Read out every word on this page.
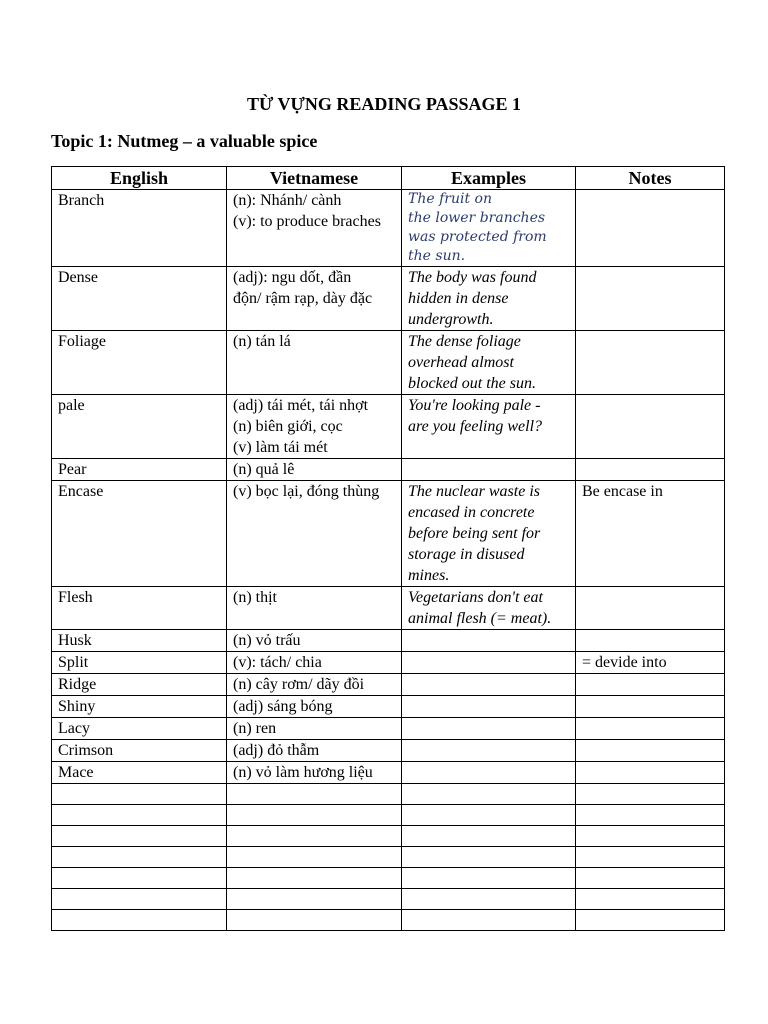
TỪ VỰNG READING PASSAGE 1
Topic 1: Nutmeg – a valuable spice
English	Vietnamese	Examples	Notes
Branch	(n): Nhánh/ cành
(v): to produce braches	The fruit on
the lower branches
was protected from
the sun.	

Dense	(adj): ngu dốt, đần
độn/ rậm rạp, dày đặc	The body was found
hidden in dense
undergrowth.	

Foliage	(n) tán lá	The dense foliage
overhead almost
blocked out the sun.	

pale	(adj) tái mét, tái nhợt
(n) biên giới, cọc
(v) làm tái mét	You're looking pale -
are you feeling well?	

Pear	(n) quả lê		

Encase	(v) bọc lại, đóng thùng	The nuclear waste is
encased in concrete
before being sent for
storage in disused
mines.	Be encase in
Flesh	(n) thịt	Vegetarians don't eat
animal flesh (= meat).	

Husk	(n) vỏ trấu		

Split	(v): tách/ chia		= devide into
Ridge	(n) cây rơm/ dãy đồi		

Shiny	(adj) sáng bóng		

Lacy	(n) ren		

Crimson	(adj) đỏ thẫm		

Mace	(n) vỏ làm hương liệu		
